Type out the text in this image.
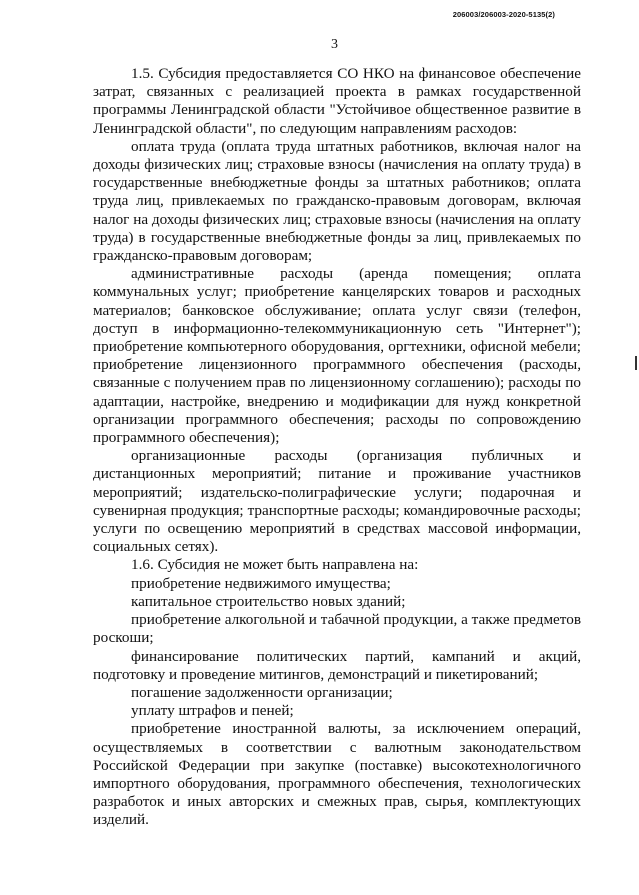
206003/206003-2020-5135(2)
3

1.5. Субсидия предоставляется СО НКО на финансовое обеспечение затрат, связанных с реализацией проекта в рамках государственной программы Ленинградской области "Устойчивое общественное развитие в Ленинградской области", по следующим направлениям расходов:

оплата труда (оплата труда штатных работников, включая налог на доходы физических лиц; страховые взносы (начисления на оплату труда) в государственные внебюджетные фонды за штатных работников; оплата труда лиц, привлекаемых по гражданско-правовым договорам, включая налог на доходы физических лиц; страховые взносы (начисления на оплату труда) в государственные внебюджетные фонды за лиц, привлекаемых по гражданско-правовым договорам;

административные расходы (аренда помещения; оплата коммунальных услуг; приобретение канцелярских товаров и расходных материалов; банковское обслуживание; оплата услуг связи (телефон, доступ в информационно-телекоммуникационную сеть "Интернет"); приобретение компьютерного оборудования, оргтехники, офисной мебели; приобретение лицензионного программного обеспечения (расходы, связанные с получением прав по лицензионному соглашению); расходы по адаптации, настройке, внедрению и модификации для нужд конкретной организации программного обеспечения; расходы по сопровождению программного обеспечения);

организационные расходы (организация публичных и дистанционных мероприятий; питание и проживание участников мероприятий; издательско-полиграфические услуги; подарочная и сувенирная продукция; транспортные расходы; командировочные расходы; услуги по освещению мероприятий в средствах массовой информации, социальных сетях).

1.6. Субсидия не может быть направлена на:

приобретение недвижимого имущества;

капитальное строительство новых зданий;

приобретение алкогольной и табачной продукции, а также предметов роскоши;

финансирование политических партий, кампаний и акций, подготовку и проведение митингов, демонстраций и пикетирований;

погашение задолженности организации;

уплату штрафов и пеней;

приобретение иностранной валюты, за исключением операций, осуществляемых в соответствии с валютным законодательством Российской Федерации при закупке (поставке) высокотехнологичного импортного оборудования, программного обеспечения, технологических разработок и иных авторских и смежных прав, сырья, комплектующих изделий.
